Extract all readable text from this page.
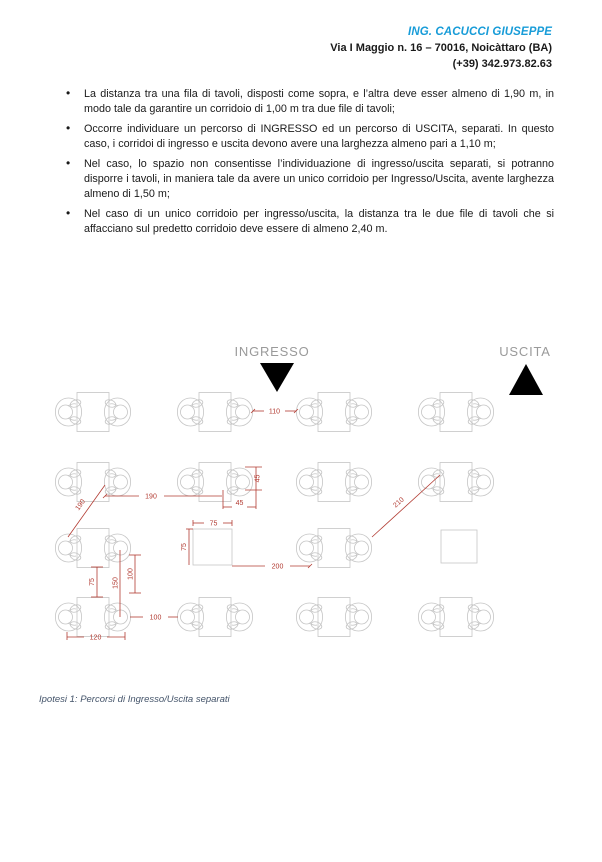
ING. CACUCCI GIUSEPPE
Via I Maggio n. 16 – 70016, Noicàttaro (BA)
(+39) 342.973.82.63
• La distanza tra una fila di tavoli, disposti come sopra, e l’altra deve esser almeno di 1,90 m, in modo tale da garantire un corridoio di 1,00 m tra due file di tavoli;
• Occorre individuare un percorso di INGRESSO ed un percorso di USCITA, separati. In questo caso, i corridoi di ingresso e uscita devono avere una larghezza almeno pari a 1,10 m;
• Nel caso, lo spazio non consentisse l’individuazione di ingresso/uscita separati, si potranno disporre i tavoli, in maniera tale da avere un unico corridoio per Ingresso/Uscita, avente larghezza almeno di 1,50 m;
• Nel caso di un unico corridoio per ingresso/uscita, la distanza tra le due file di tavoli che si affacciano sul predetto corridoio deve essere di almeno 2,40 m.
INGRESSO	USCITA
110
45
45
190
190
75
75
200
210
75 150
100
100
120
Ipotesi 1: Percorsi di Ingresso/Uscita separati
